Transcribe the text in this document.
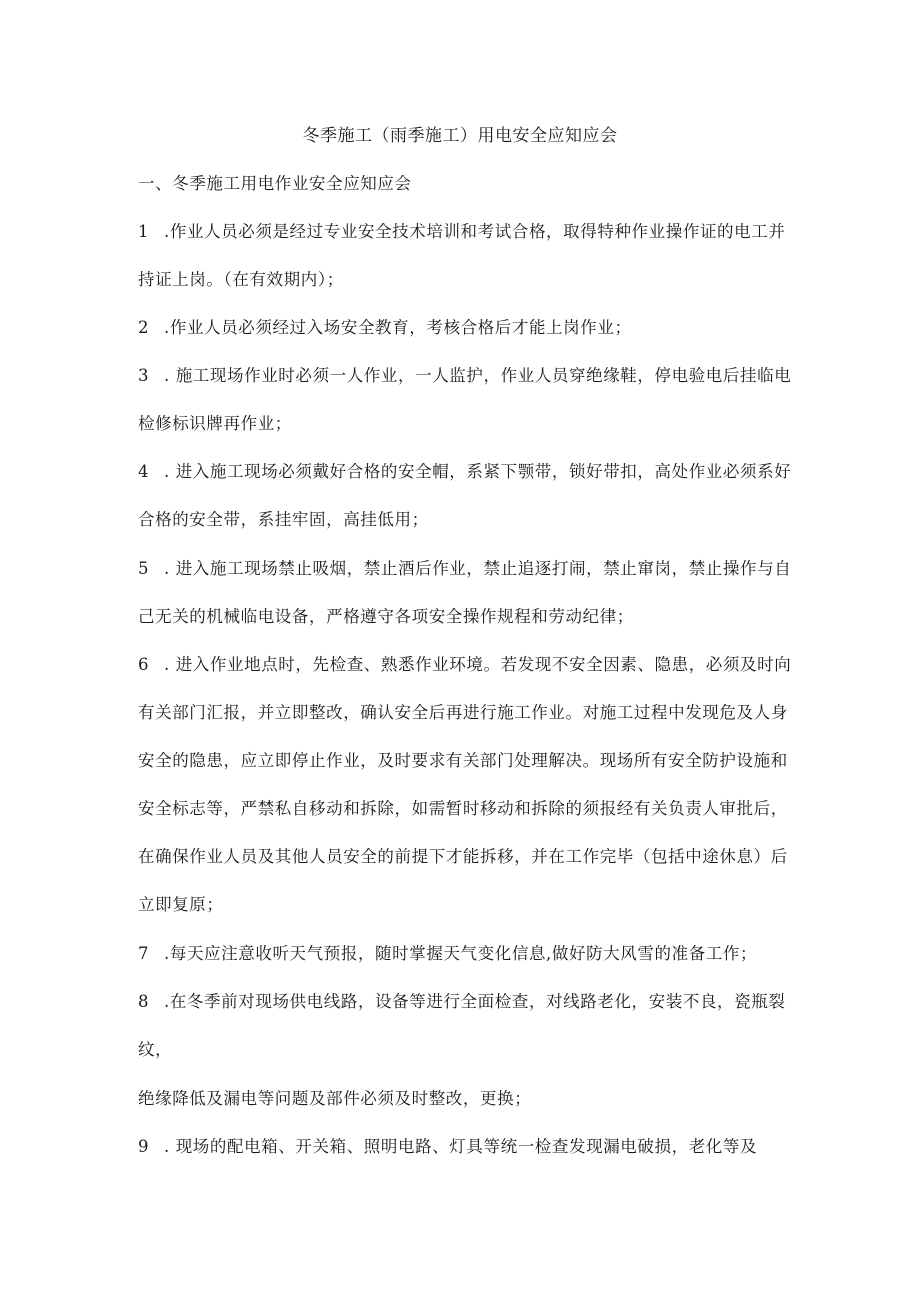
冬季施工（雨季施工）用电安全应知应会
一、冬季施工用电作业安全应知应会
1 .作业人员必须是经过专业安全技术培训和考试合格，取得特种作业操作证的电工并
持证上岗。（在有效期内）；
2 .作业人员必须经过入场安全教育，考核合格后才能上岗作业；
3 . 施工现场作业时必须一人作业，一人监护，作业人员穿绝缘鞋，停电验电后挂临电
检修标识牌再作业；
4 . 进入施工现场必须戴好合格的安全帽，系紧下颚带，锁好带扣，高处作业必须系好
合格的安全带，系挂牢固，高挂低用；
5 . 进入施工现场禁止吸烟，禁止酒后作业，禁止追逐打闹，禁止窜岗，禁止操作与自
己无关的机械临电设备，严格遵守各项安全操作规程和劳动纪律；
6 . 进入作业地点时，先检查、熟悉作业环境。若发现不安全因素、隐患，必须及时向
有关部门汇报，并立即整改，确认安全后再进行施工作业。对施工过程中发现危及人身
安全的隐患，应立即停止作业，及时要求有关部门处理解决。现场所有安全防护设施和
安全标志等，严禁私自移动和拆除，如需暂时移动和拆除的须报经有关负责人审批后，
在确保作业人员及其他人员安全的前提下才能拆移，并在工作完毕（包括中途休息）后
立即复原；
7 .每天应注意收听天气预报，随时掌握天气变化信息,做好防大风雪的准备工作；
8 .在冬季前对现场供电线路，设备等进行全面检查，对线路老化，安装不良，瓷瓶裂
纹，
绝缘降低及漏电等问题及部件必须及时整改，更换；
9 . 现场的配电箱、开关箱、照明电路、灯具等统一检查发现漏电破损，老化等及
